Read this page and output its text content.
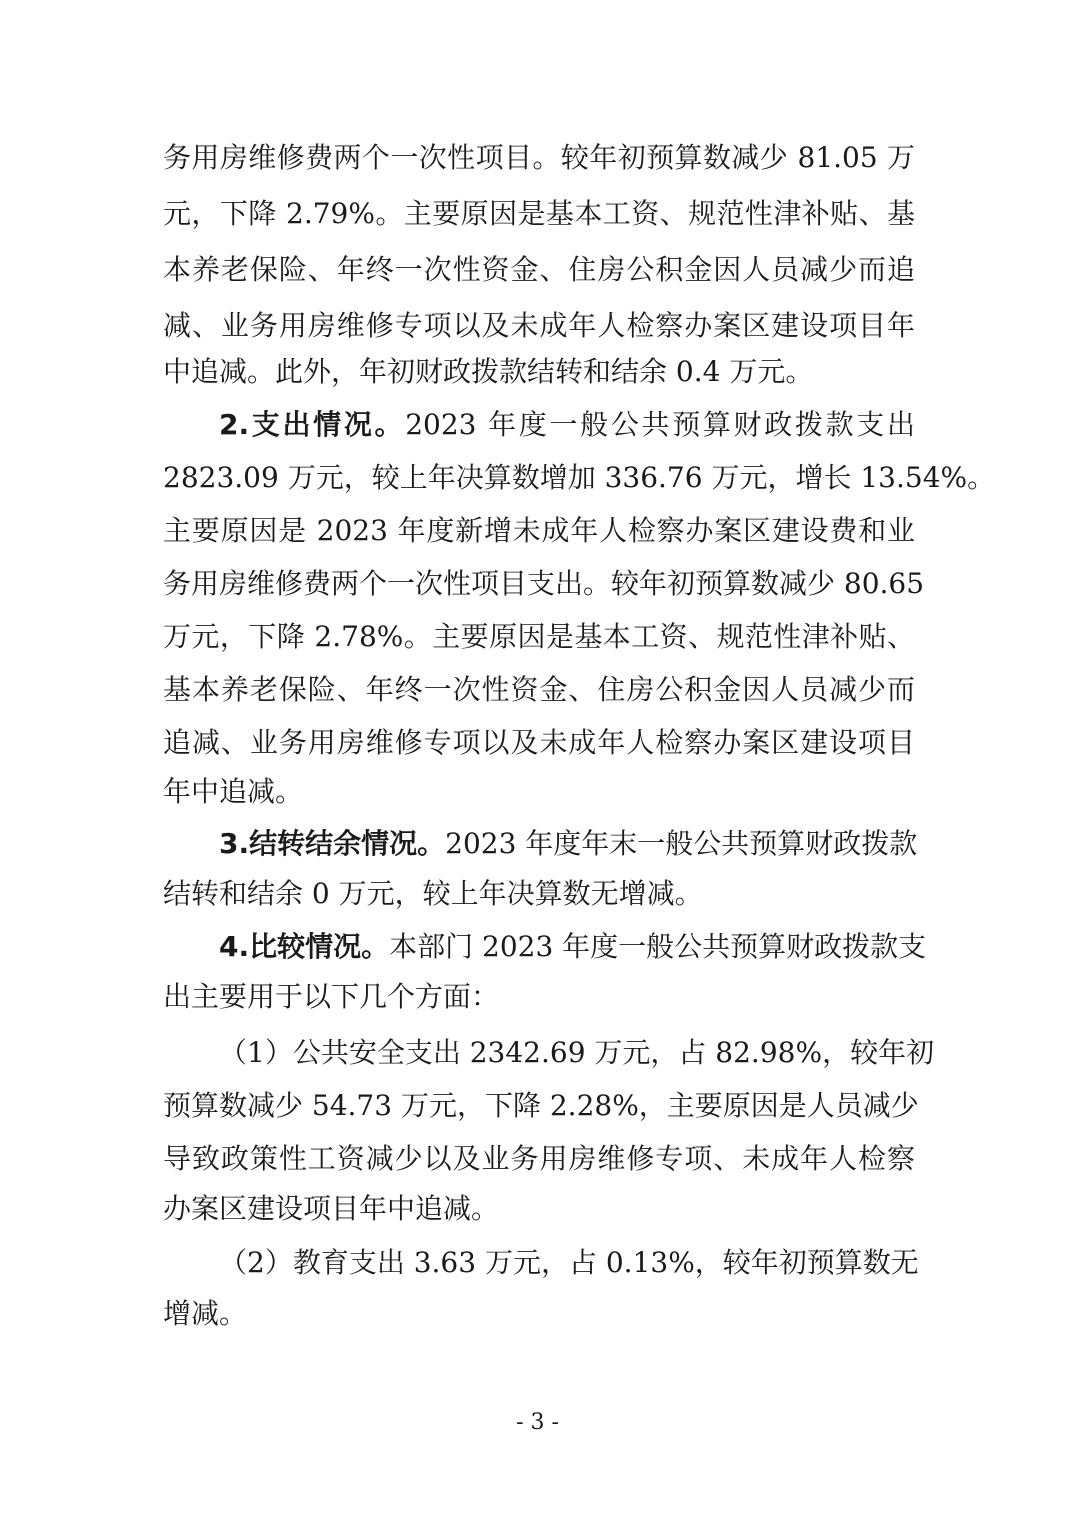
务用房维修费两个一次性项目。较年初预算数减少 81.05 万
元，下降 2.79%。主要原因是基本工资、规范性津补贴、基
本养老保险、年终一次性资金、住房公积金因人员减少而追
减、业务用房维修专项以及未成年人检察办案区建设项目年
中追减。此外，年初财政拨款结转和结余 0.4 万元。
2.支出情况。2023 年度一般公共预算财政拨款支出
2823.09 万元，较上年决算数增加 336.76 万元，增长 13.54%。
主要原因是 2023 年度新增未成年人检察办案区建设费和业
务用房维修费两个一次性项目支出。较年初预算数减少 80.65
万元，下降 2.78%。主要原因是基本工资、规范性津补贴、
基本养老保险、年终一次性资金、住房公积金因人员减少而
追减、业务用房维修专项以及未成年人检察办案区建设项目
年中追减。
3.结转结余情况。2023 年度年末一般公共预算财政拨款
结转和结余 0 万元，较上年决算数无增减。
4.比较情况。本部门 2023 年度一般公共预算财政拨款支
出主要用于以下几个方面：
（1）公共安全支出 2342.69 万元，占 82.98%，较年初
预算数减少 54.73 万元，下降 2.28%，主要原因是人员减少
导致政策性工资减少以及业务用房维修专项、未成年人检察
办案区建设项目年中追减。
（2）教育支出 3.63 万元，占 0.13%，较年初预算数无
增减。
- 3 -
